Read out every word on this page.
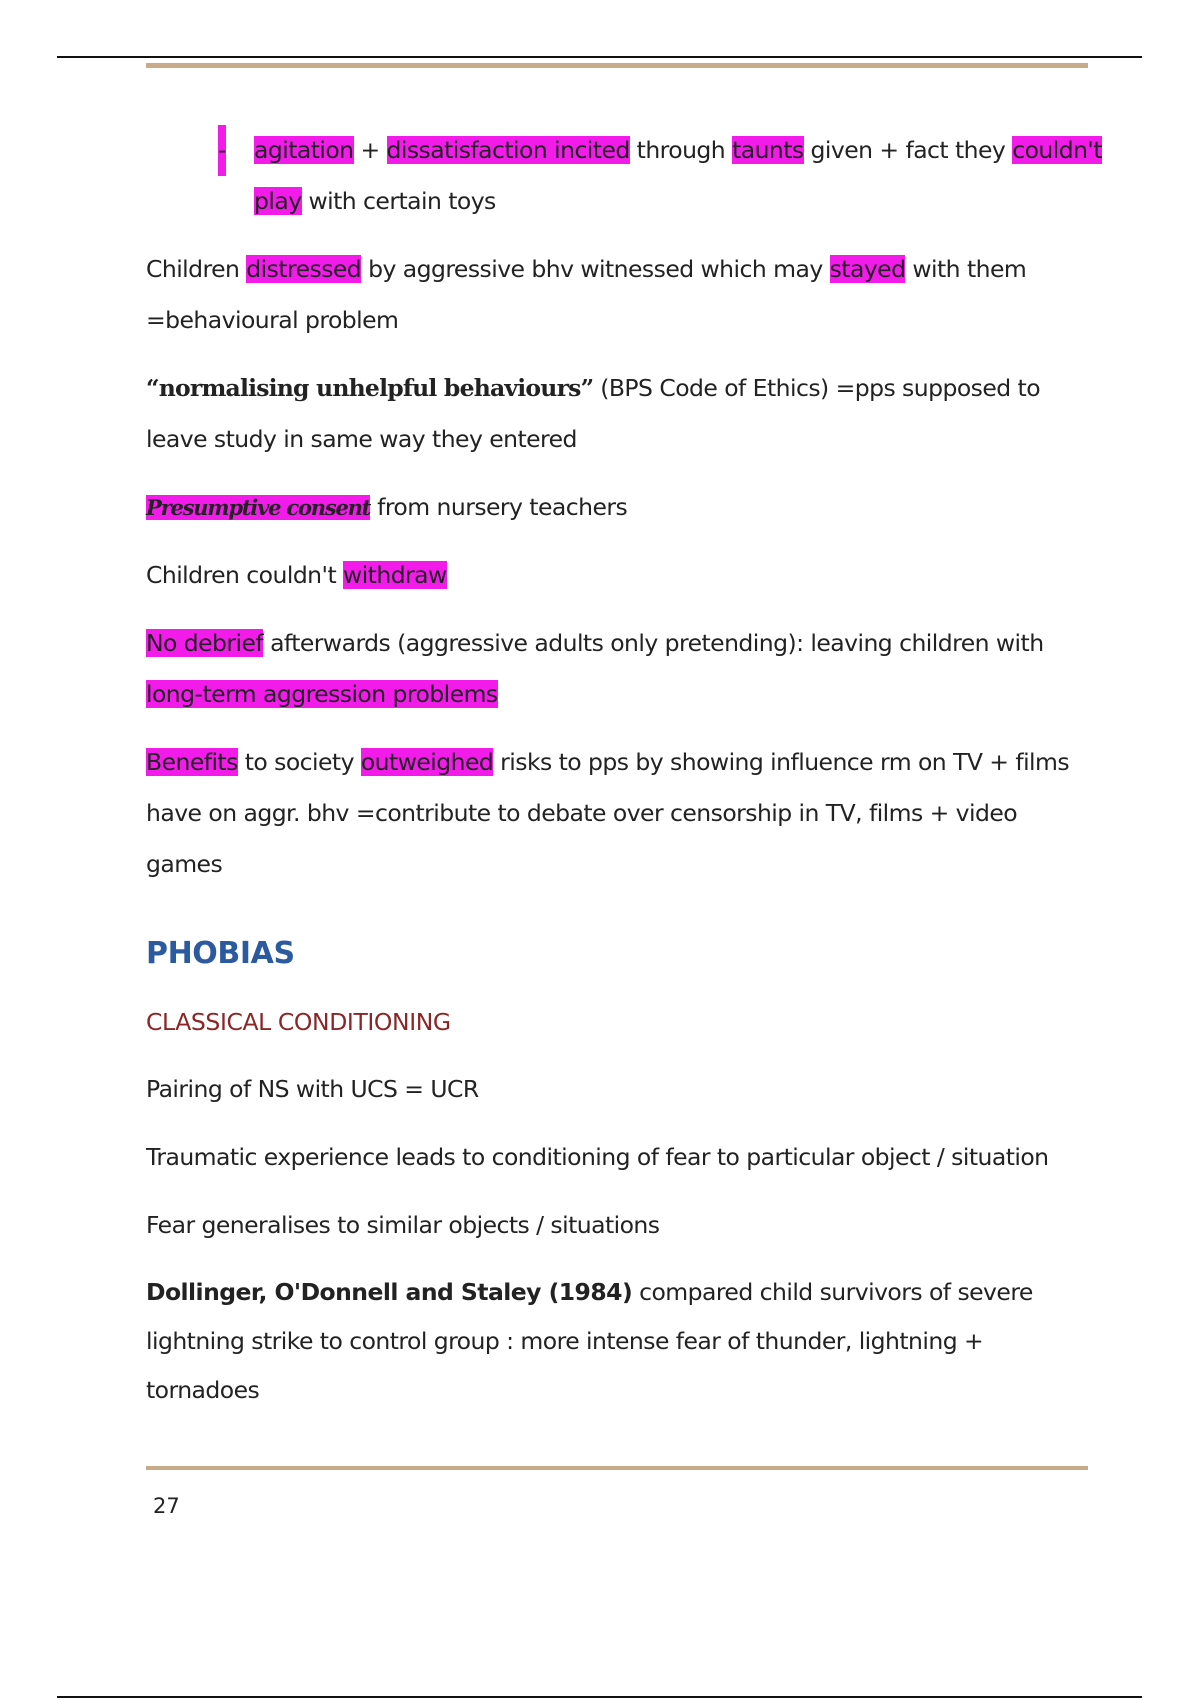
- agitation + dissatisfaction incited through taunts given + fact they couldn't play with certain toys
Children distressed by aggressive bhv witnessed which may stayed with them =behavioural problem
“normalising unhelpful behaviours” (BPS Code of Ethics) =pps supposed to leave study in same way they entered
Presumptive consent from nursery teachers
Children couldn't withdraw
No debrief afterwards (aggressive adults only pretending): leaving children with long-term aggression problems
Benefits to society outweighed risks to pps by showing influence rm on TV + films have on aggr. bhv =contribute to debate over censorship in TV, films + video games
PHOBIAS
CLASSICAL CONDITIONING
Pairing of NS with UCS = UCR
Traumatic experience leads to conditioning of fear to particular object / situation
Fear generalises to similar objects / situations
Dollinger, O'Donnell and Staley (1984) compared child survivors of severe lightning strike to control group : more intense fear of thunder, lightning + tornadoes
27
